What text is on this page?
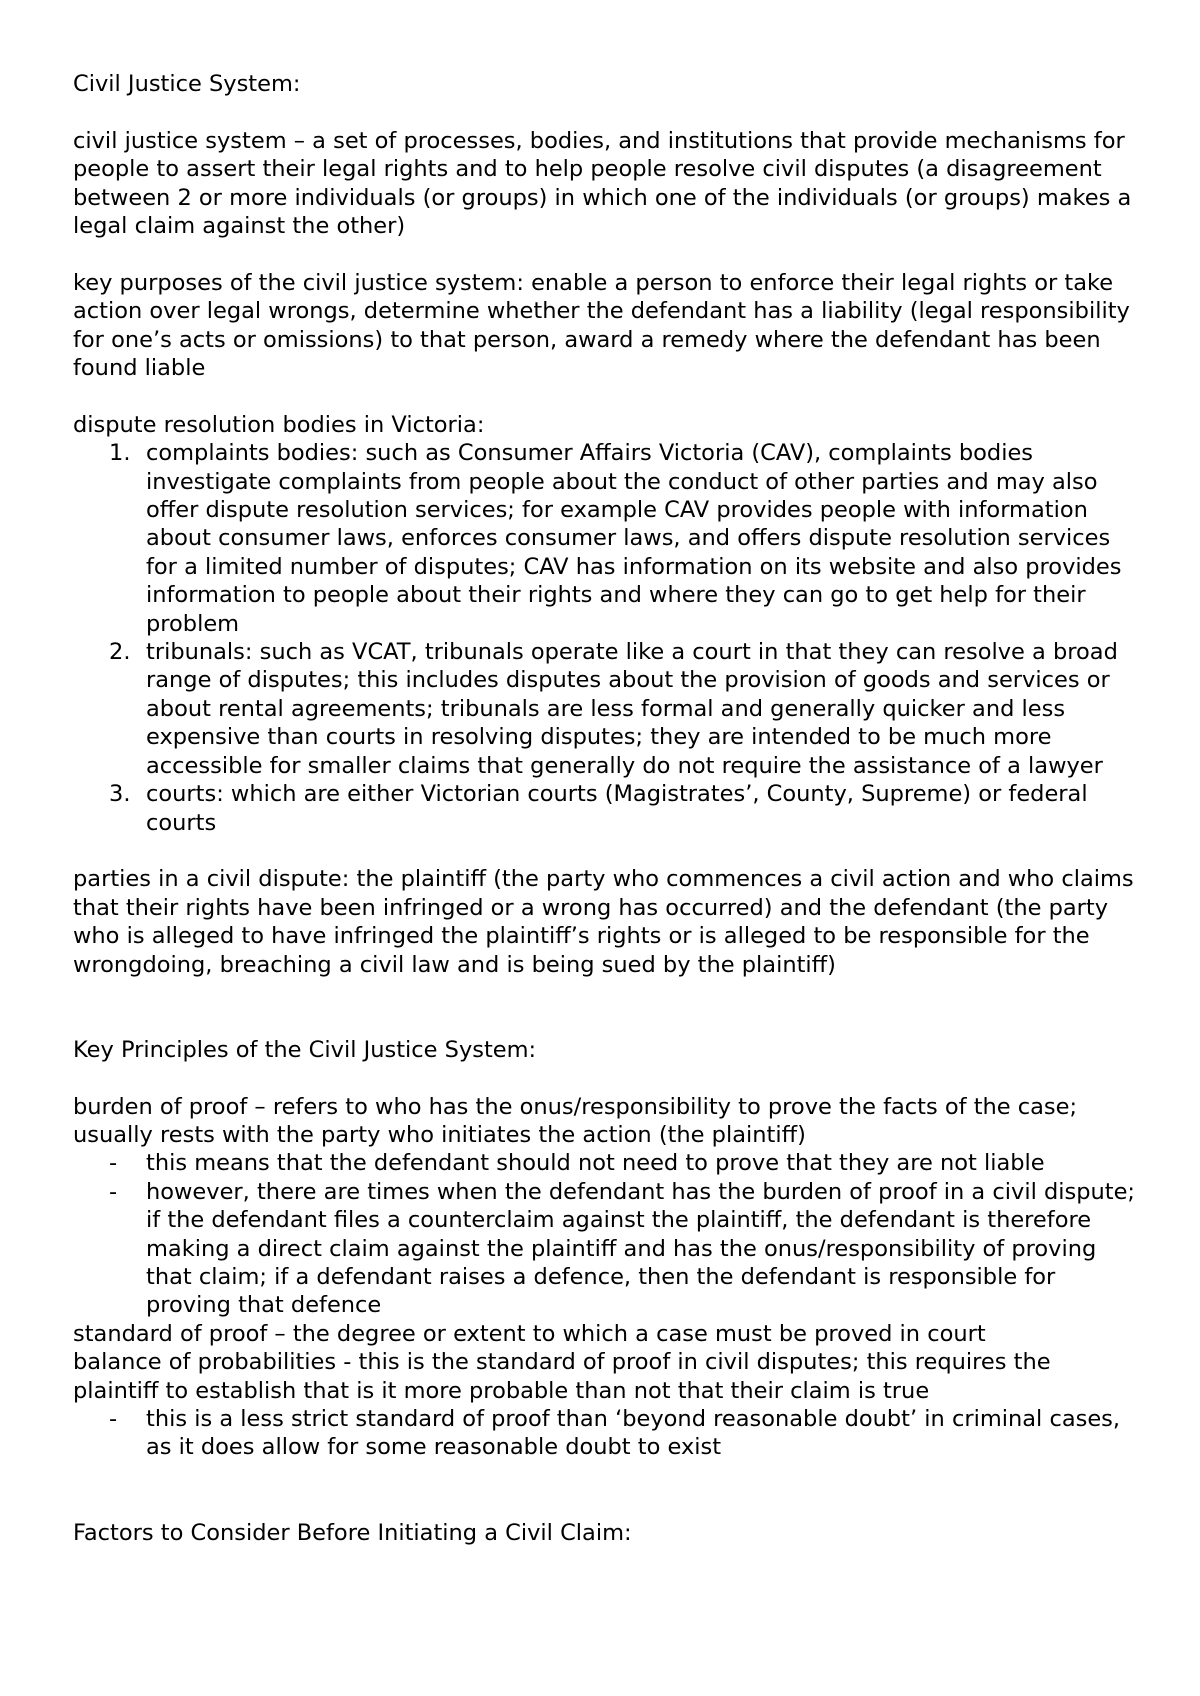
Civil Justice System:

civil justice system – a set of processes, bodies, and institutions that provide mechanisms for people to assert their legal rights and to help people resolve civil disputes (a disagreement between 2 or more individuals (or groups) in which one of the individuals (or groups) makes a legal claim against the other)

key purposes of the civil justice system: enable a person to enforce their legal rights or take action over legal wrongs, determine whether the defendant has a liability (legal responsibility for one’s acts or omissions) to that person, award a remedy where the defendant has been found liable

dispute resolution bodies in Victoria:

1. complaints bodies: such as Consumer Affairs Victoria (CAV), complaints bodies investigate complaints from people about the conduct of other parties and may also offer dispute resolution services; for example CAV provides people with information about consumer laws, enforces consumer laws, and offers dispute resolution services for a limited number of disputes; CAV has information on its website and also provides information to people about their rights and where they can go to get help for their problem
2. tribunals: such as VCAT, tribunals operate like a court in that they can resolve a broad range of disputes; this includes disputes about the provision of goods and services or about rental agreements; tribunals are less formal and generally quicker and less expensive than courts in resolving disputes; they are intended to be much more accessible for smaller claims that generally do not require the assistance of a lawyer
3. courts: which are either Victorian courts (Magistrates’, County, Supreme) or federal courts

parties in a civil dispute: the plaintiff (the party who commences a civil action and who claims that their rights have been infringed or a wrong has occurred) and the defendant (the party who is alleged to have infringed the plaintiff’s rights or is alleged to be responsible for the wrongdoing, breaching a civil law and is being sued by the plaintiff)

Key Principles of the Civil Justice System:

burden of proof – refers to who has the onus/responsibility to prove the facts of the case; usually rests with the party who initiates the action (the plaintiff)

-	this means that the defendant should not need to prove that they are not liable
-	however, there are times when the defendant has the burden of proof in a civil dispute; if the defendant files a counterclaim against the plaintiff, the defendant is therefore making a direct claim against the plaintiff and has the onus/responsibility of proving that claim; if a defendant raises a defence, then the defendant is responsible for proving that defence

standard of proof – the degree or extent to which a case must be proved in court

balance of probabilities - this is the standard of proof in civil disputes; this requires the plaintiff to establish that is it more probable than not that their claim is true

-	this is a less strict standard of proof than ‘beyond reasonable doubt’ in criminal cases, as it does allow for some reasonable doubt to exist

Factors to Consider Before Initiating a Civil Claim:
